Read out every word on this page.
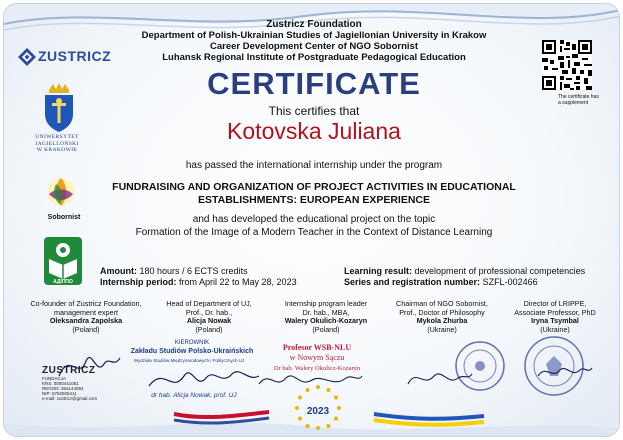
Zustricz Foundation
Department of Polish-Ukrainian Studies of Jagiellonian University in Krakow
Career Development Center of NGO Sobornist
Luhansk Regional Institute of Postgraduate Pedagogical Education
ZUSTRICZ
UNIWERSYTET
JAGIELLOŃSKI
W KRAKOWIE
Sobornist
АДІППО
The certificate has
a supplement
CERTIFICATE
This certifies that
Kotovska Juliana
has passed the international internship under the program
FUNDRAISING AND ORGANIZATION OF PROJECT ACTIVITIES IN EDUCATIONAL
ESTABLISHMENTS: EUROPEAN EXPERIENCE
and has developed the educational project on the topic
Formation of the Image of a Modern Teacher in the Context of Distance Learning
Amount: 180 hours / 6 ECTS credits
Internship period: from April 22 to May 28, 2023
Learning result: development of professional competencies
Series and registration number: SZFL-002466
Co-founder of Zustricz Foundation,
management expert
Oleksandra Zapolska
(Poland)
Head of Department of UJ,
Prof., Dr. hab.,
Alicja Nowak
(Poland)
Internship program leader
Dr. hab., MBA,
Walery Okulich-Kozaryn
(Poland)
Chairman of NGO Sobornist,
Prof., Doctor of Philosophy
Mykola Zhurba
(Ukraine)
Director of LRIPPE,
Associate Professor, PhD
Iryna Tsymbal
(Ukraine)
ZUSTRICZ
FUNDACJA
KRS: 0000441051
REGON: 364144094
NIP: 6762505411
e-mail: zustricz@gmail.com
KIEROWNIK
Zakładu Studiów Polsko-Ukraińskich
Wydziału Studiów Międzynarodowych i Politycznych UJ
dr hab. Alicja Nowak, prof. UJ
Profesor WSB-NLU
w Nowym Sączu
Dr hab. Walery Okulicz-Kozaryn
2023
